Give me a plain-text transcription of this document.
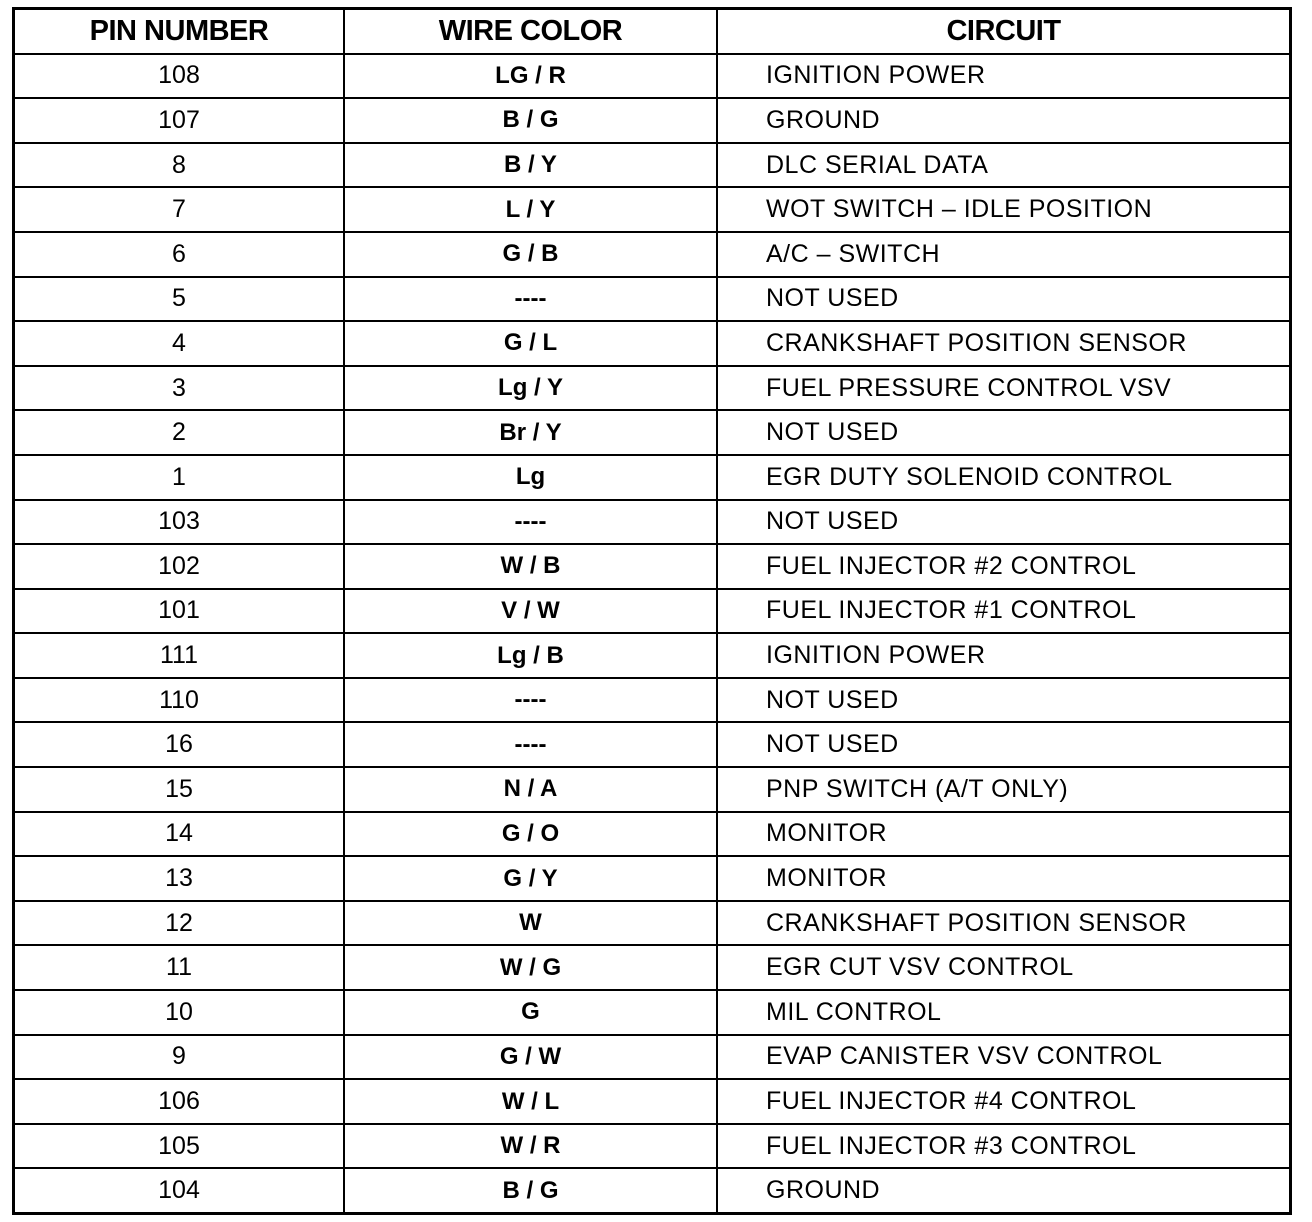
PIN NUMBER	WIRE COLOR	CIRCUIT
108	LG / R	IGNITION POWER
107	B / G	GROUND
8	B / Y	DLC SERIAL DATA
7	L / Y	WOT SWITCH – IDLE POSITION
6	G / B	A/C – SWITCH
5	----	NOT USED
4	G / L	CRANKSHAFT POSITION SENSOR
3	Lg / Y	FUEL PRESSURE CONTROL VSV
2	Br / Y	NOT USED
1	Lg	EGR DUTY SOLENOID CONTROL
103	----	NOT USED
102	W / B	FUEL INJECTOR #2 CONTROL
101	V / W	FUEL INJECTOR #1 CONTROL
111	Lg / B	IGNITION POWER
110	----	NOT USED
16	----	NOT USED
15	N / A	PNP SWITCH (A/T ONLY)
14	G / O	MONITOR
13	G / Y	MONITOR
12	W	CRANKSHAFT POSITION SENSOR
11	W / G	EGR CUT VSV CONTROL
10	G	MIL CONTROL
9	G / W	EVAP CANISTER VSV CONTROL
106	W / L	FUEL INJECTOR #4 CONTROL
105	W / R	FUEL INJECTOR #3 CONTROL
104	B / G	GROUND
